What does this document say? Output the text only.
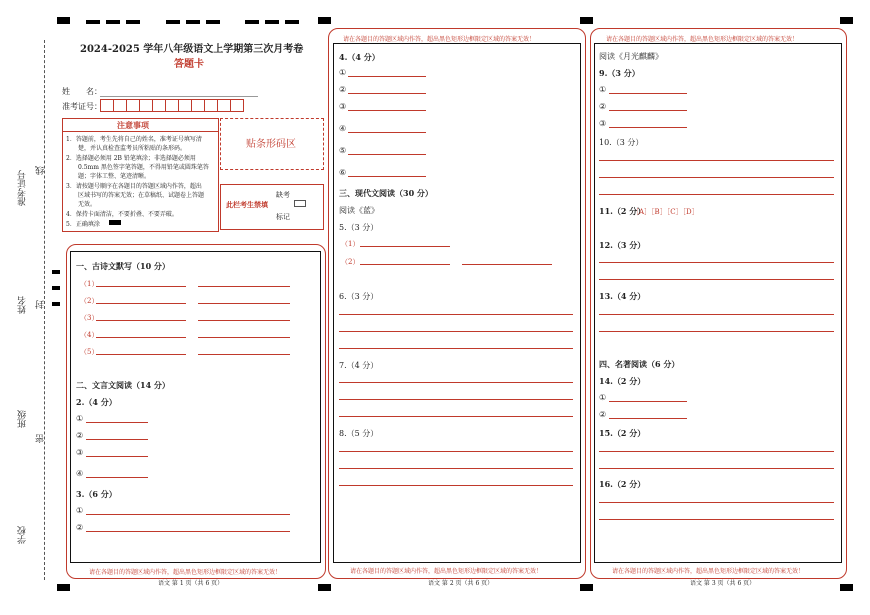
准考证号 线
姓名 封
班级
密
学校
2024-2025 学年八年级语文上学期第三次月考卷
答题卡
姓　　名：
准考证号：
注意事项
1．答题前，考生先将自己的姓名，准考证号填写清
楚，并认真检查监考员所粘贴的条形码。
2．选择题必须用 2B 铅笔填涂；非选择题必须用
0.5mm 黑色签字笔答题，不得用铅笔或圆珠笔答
题；字体工整、笔迹清晰。
3．请按题号顺序在各题目的答题区域内作答，超出
区域书写的答案无效；在草稿纸、试题卷上答题
无效。
4．保持卡面清洁，不要折叠、不要弄破。
5．正确填涂
贴条形码区
此栏考生禁填
缺考
标记
一、古诗文默写（10 分）
（1）
（2）
（3）
（4）
（5）
二、文言文阅读（14 分）
2.（4 分）
①
②
③
④
3.（6 分）
①
②
请在各题目的答题区域内作答，超出黑色矩形边框限定区域的答案无效！
语文 第 1 页（共 6 页）
请在各题目的答题区域内作答，超出黑色矩形边框限定区域的答案无效！
4.（4 分）
①
②
③
④
⑤
⑥
三、现代文阅读（30 分）
阅读《蓝》
5.（3 分）
（1）
（2）
6.（3 分）
7.（4 分）
8.（5 分）
请在各题目的答题区域内作答，超出黑色矩形边框限定区域的答案无效！
语文 第 2 页（共 6 页）
请在各题目的答题区域内作答，超出黑色矩形边框限定区域的答案无效！
阅读《月光麒麟》
9.（3 分）
①
②
③
10.（3 分）
11.（2 分）
［A］［B］［C］［D］
12.（3 分）
13.（4 分）
四、名著阅读（6 分）
14.（2 分）
①
②
15.（2 分）
16.（2 分）
请在各题目的答题区域内作答，超出黑色矩形边框限定区域的答案无效！
语文 第 3 页（共 6 页）
